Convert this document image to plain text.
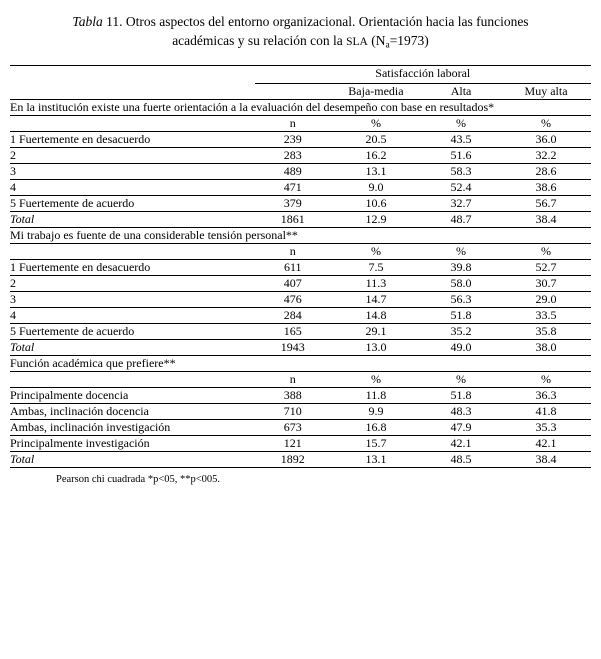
Tabla 11. Otros aspectos del entorno organizacional. Orientación hacia las funciones
académicas y su relación con la SLA $(N_a=1973)$
	Satisfacción laboral			
		Baja-media	Alta	Muy alta
En la institución existe una fuerte orientación a la evaluación del desempeño con base en resultados*				
	n	%	%	%
1 Fuertemente en desacuerdo	239	20.5	43.5	36.0
2	283	16.2	51.6	32.2
3	489	13.1	58.3	28.6
4	471	9.0	52.4	38.6
5 Fuertemente de acuerdo	379	10.6	32.7	56.7
Total	1861	12.9	48.7	38.4
Mi trabajo es fuente de una considerable tensión personal**				
	n	%	%	%
1 Fuertemente en desacuerdo	611	7.5	39.8	52.7
2	407	11.3	58.0	30.7
3	476	14.7	56.3	29.0
4	284	14.8	51.8	33.5
5 Fuertemente de acuerdo	165	29.1	35.2	35.8
Total	1943	13.0	49.0	38.0
Función académica que prefiere**				
	n	%	%	%
Principalmente docencia	388	11.8	51.8	36.3
Ambas, inclinación docencia	710	9.9	48.3	41.8
Ambas, inclinación investigación	673	16.8	47.9	35.3
Principalmente investigación	121	15.7	42.1	42.1
Total	1892	13.1	48.5	38.4
Pearson chi cuadrada *p<05, **p<005.
